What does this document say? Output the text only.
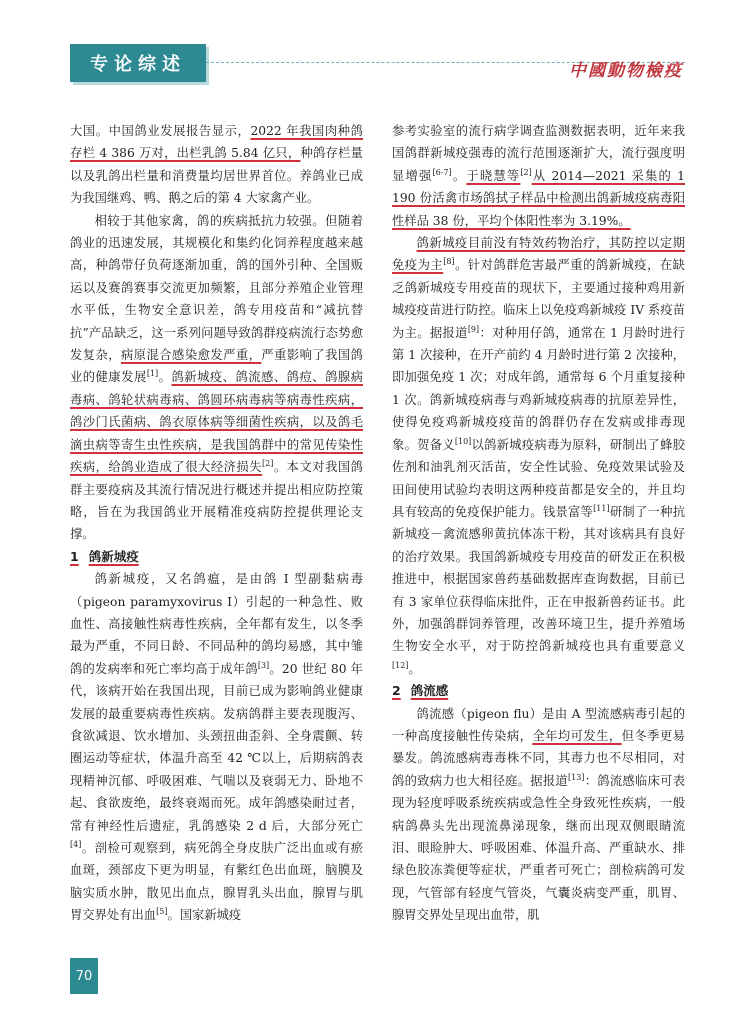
专论综述	中國動物檢疫

大国。中国鸽业发展报告显示，2022 年我国肉种鸽存栏 4 386 万对，出栏乳鸽 5.84 亿只，种鸽存栏量以及乳鸽出栏量和消费量均居世界首位。养鸽业已成为我国继鸡、鸭、鹅之后的第 4 大家禽产业。

相较于其他家禽，鸽的疾病抵抗力较强。但随着鸽业的迅速发展，其规模化和集约化饲养程度越来越高，种鸽带仔负荷逐渐加重，鸽的国外引种、全国贩运以及赛鸽赛事交流更加频繁，且部分养殖企业管理水平低，生物安全意识差，鸽专用疫苗和“减抗替抗”产品缺乏，这一系列问题导致鸽群疫病流行态势愈发复杂，病原混合感染愈发严重，严重影响了我国鸽业的健康发展[1]。鸽新城疫、鸽流感、鸽痘、鸽腺病毒病、鸽轮状病毒病、鸽圆环病毒病等病毒性疾病，鸽沙门氏菌病、鸽衣原体病等细菌性疾病，以及鸽毛滴虫病等寄生虫性疾病，是我国鸽群中的常见传染性疾病，给鸽业造成了很大经济损失[2]。本文对我国鸽群主要疫病及其流行情况进行概述并提出相应防控策略，旨在为我国鸽业开展精准疫病防控提供理论支撑。

1 鸽新城疫

鸽新城疫，又名鸽瘟，是由鸽 I 型副黏病毒（pigeon paramyxovirus I）引起的一种急性、败血性、高接触性病毒性疾病，全年都有发生，以冬季最为严重，不同日龄、不同品种的鸽均易感，其中雏鸽的发病率和死亡率均高于成年鸽[3]。20 世纪 80 年代，该病开始在我国出现，目前已成为影响鸽业健康发展的最重要病毒性疾病。发病鸽群主要表现腹泻、食欲减退、饮水增加、头颈扭曲歪斜、全身震颤、转圈运动等症状，体温升高至 42 ℃以上，后期病鸽表现精神沉郁、呼吸困难、气喘以及衰弱无力、卧地不起、食欲废绝，最终衰竭而死。成年鸽感染耐过者，常有神经性后遗症，乳鸽感染 2 d 后，大部分死亡[4]。剖检可观察到，病死鸽全身皮肤广泛出血或有瘀血斑，颈部皮下更为明显，有紫红色出血斑，脑膜及脑实质水肿，散见出血点，腺胃乳头出血，腺胃与肌胃交界处有出血[5]。国家新城疫

参考实验室的流行病学调查监测数据表明，近年来我国鸽群新城疫强毒的流行范围逐渐扩大，流行强度明显增强[6-7]。于晓慧等[2]从 2014—2021 采集的 1 190 份活禽市场鸽拭子样品中检测出鸽新城疫病毒阳性样品 38 份，平均个体阳性率为 3.19%。

鸽新城疫目前没有特效药物治疗，其防控以定期免疫为主[8]。针对鸽群危害最严重的鸽新城疫，在缺乏鸽新城疫专用疫苗的现状下，主要通过接种鸡用新城疫疫苗进行防控。临床上以免疫鸡新城疫 IV 系疫苗为主。据报道[9]：对种用仔鸽，通常在 1 月龄时进行第 1 次接种，在开产前约 4 月龄时进行第 2 次接种，即加强免疫 1 次；对成年鸽，通常每 6 个月重复接种 1 次。鸽新城疫病毒与鸡新城疫病毒的抗原差异性，使得免疫鸡新城疫疫苗的鸽群仍存在发病或排毒现象。贺备义[10]以鸽新城疫病毒为原料，研制出了蜂胶佐剂和油乳剂灭活苗，安全性试验、免疫效果试验及田间使用试验均表明这两种疫苗都是安全的，并且均具有较高的免疫保护能力。钱景富等[11]研制了一种抗新城疫－禽流感卵黄抗体冻干粉，其对该病具有良好的治疗效果。我国鸽新城疫专用疫苗的研发正在积极推进中，根据国家兽药基础数据库查询数据，目前已有 3 家单位获得临床批件，正在申报新兽药证书。此外，加强鸽群饲养管理，改善环境卫生，提升养殖场生物安全水平，对于防控鸽新城疫也具有重要意义[12]。

2 鸽流感

鸽流感（pigeon flu）是由 A 型流感病毒引起的一种高度接触性传染病，全年均可发生，但冬季更易暴发。鸽流感病毒毒株不同，其毒力也不尽相同，对鸽的致病力也大相径庭。据报道[13]：鸽流感临床可表现为轻度呼吸系统疾病或急性全身致死性疾病，一般病鸽鼻头先出现流鼻涕现象，继而出现双侧眼睛流泪、眼睑肿大、呼吸困难、体温升高、严重缺水、排绿色胶冻粪便等症状，严重者可死亡；剖检病鸽可发现，气管部有轻度气管炎，气囊炎病变严重，肌胃、腺胃交界处呈现出血带，肌

70
